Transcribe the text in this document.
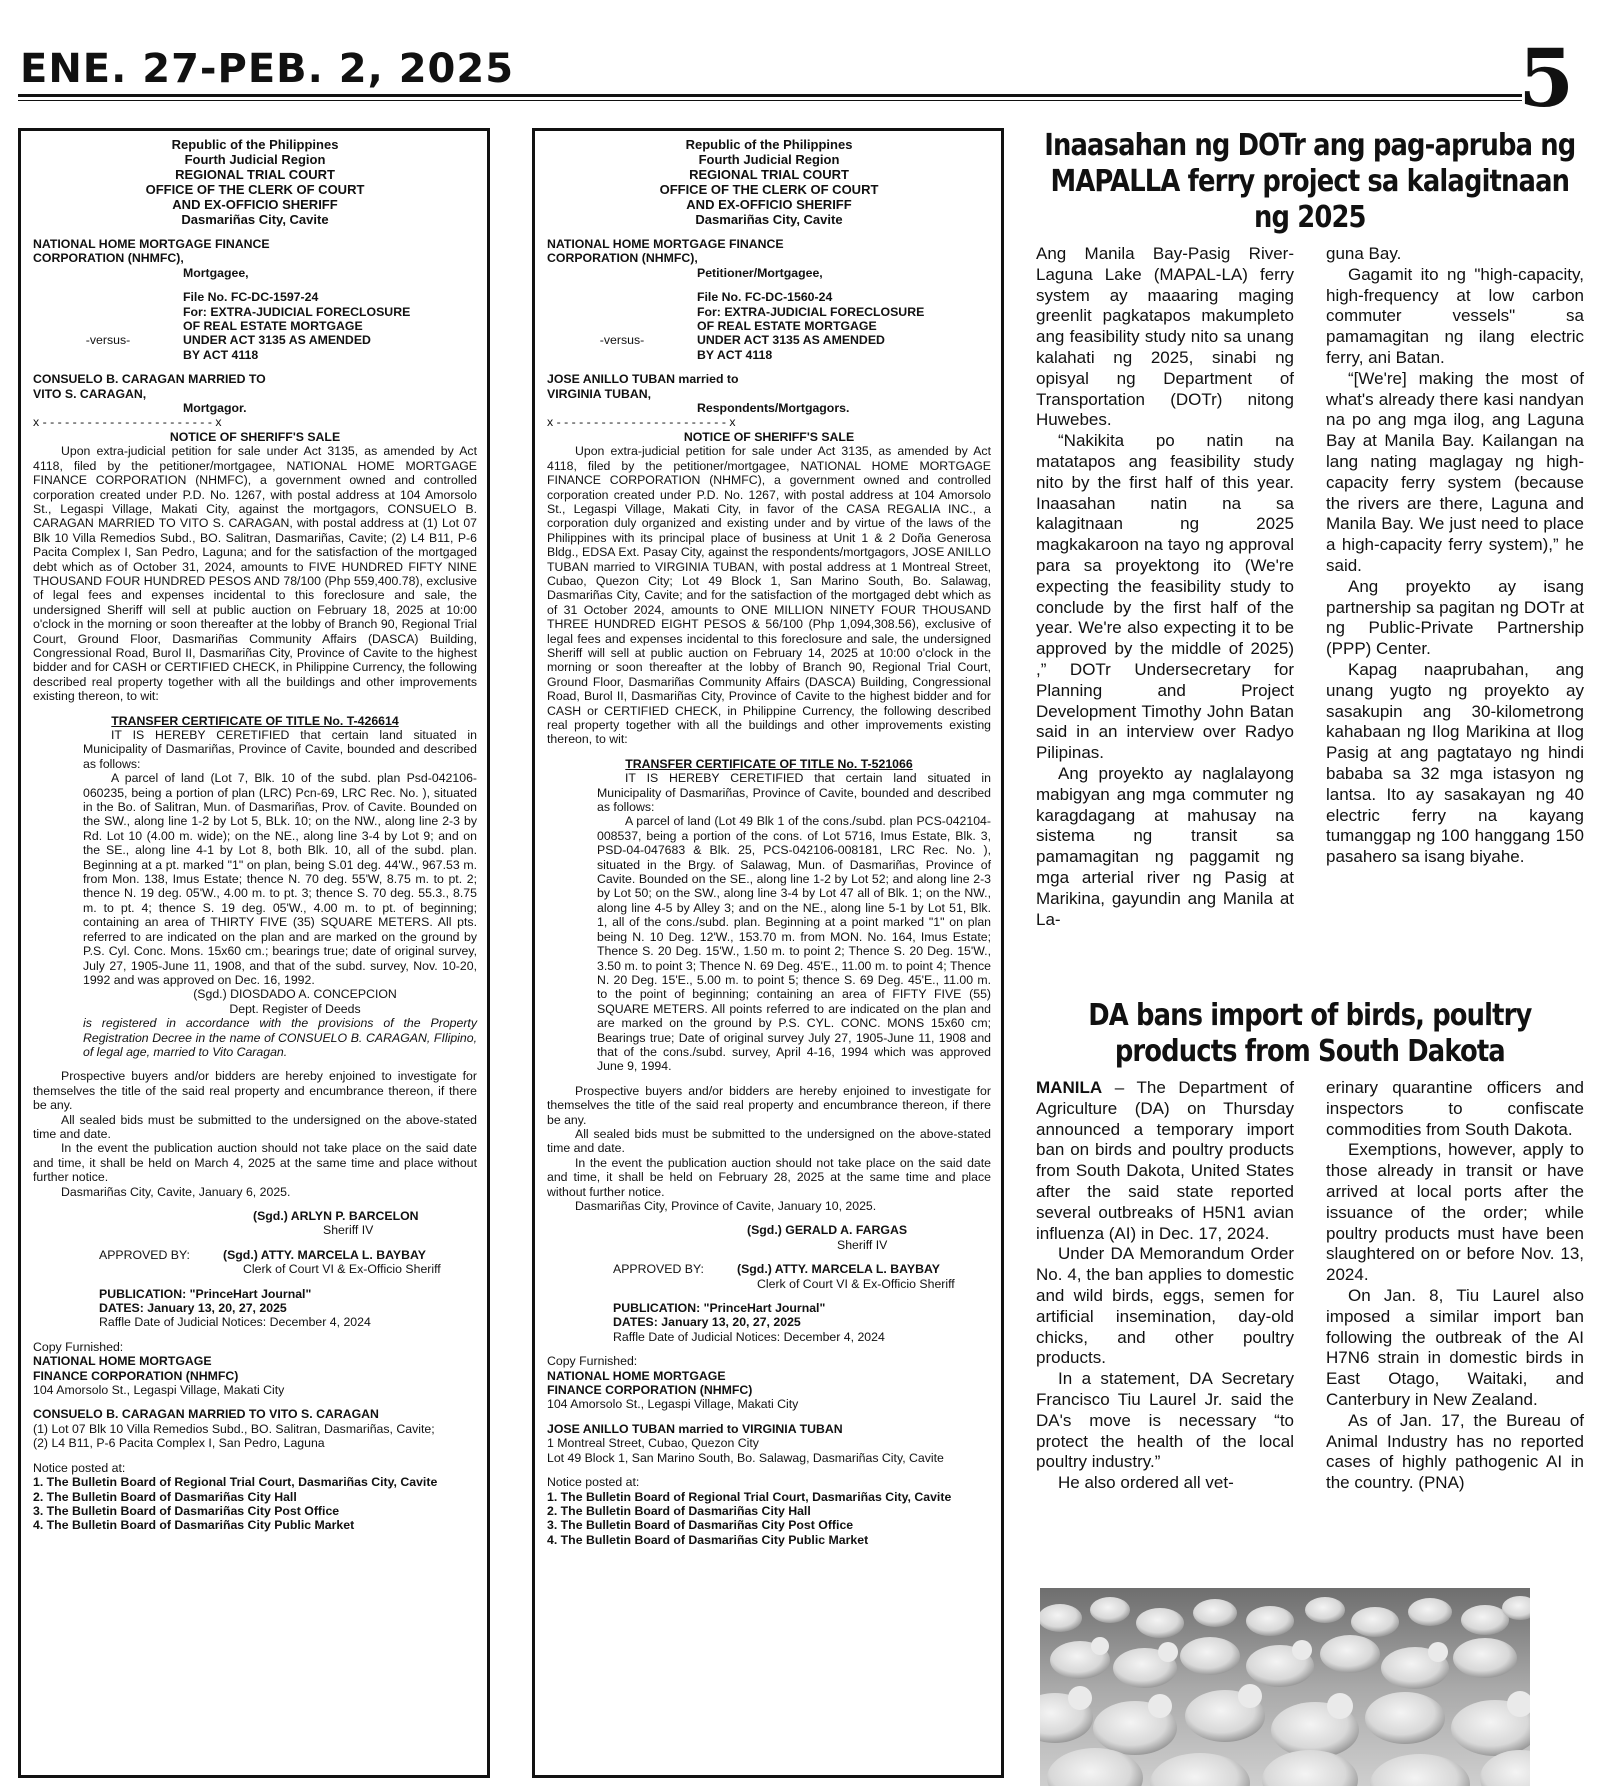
ENE. 27-PEB. 2, 2025	5

Republic of the Philippines

Fourth Judicial Region

REGIONAL TRIAL COURT

OFFICE OF THE CLERK OF COURT

AND EX-OFFICIO SHERIFF

Dasmariñas City, Cavite

NATIONAL HOME MORTGAGE FINANCE

CORPORATION (NHMFC),

Mortgagee,

File No. FC-DC-1597-24

For: EXTRA-JUDICIAL FORECLOSURE

OF REAL ESTATE MORTGAGE

-versus-	UNDER ACT 3135 AS AMENDED

BY ACT 4118

CONSUELO B. CARAGAN MARRIED TO

VITO S. CARAGAN,

Mortgagor.

x - - - - - - - - - - - - - - - - - - - - - - - x

NOTICE OF SHERIFF'S SALE

Upon extra-judicial petition for sale under Act 3135, as amended by Act 4118, filed by the petitioner/mortgagee, NATIONAL HOME MORTGAGE FINANCE CORPORATION (NHMFC), a government owned and controlled corporation created under P.D. No. 1267, with postal address at 104 Amorsolo St., Legaspi Village, Makati City, against the mortgagors, CONSUELO B. CARAGAN MARRIED TO VITO S. CARAGAN, with postal address at (1) Lot 07 Blk 10 Villa Remedios Subd., BO. Salitran, Dasmariñas, Cavite; (2) L4 B11, P-6 Pacita Complex I, San Pedro, Laguna; and for the satisfaction of the mortgaged debt which as of October 31, 2024, amounts to FIVE HUNDRED FIFTY NINE THOUSAND FOUR HUNDRED PESOS AND 78/100 (Php 559,400.78), exclusive of legal fees and expenses incidental to this foreclosure and sale, the undersigned Sheriff will sell at public auction on February 18, 2025 at 10:00 o'clock in the morning or soon thereafter at the lobby of Branch 90, Regional Trial Court, Ground Floor, Dasmariñas Community Affairs (DASCA) Building, Congressional Road, Burol II, Dasmariñas City, Province of Cavite to the highest bidder and for CASH or CERTIFIED CHECK, in Philippine Currency, the following described real property together with all the buildings and other improvements existing thereon, to wit:

TRANSFER CERTIFICATE OF TITLE No. T-426614

IT IS HEREBY CERETIFIED that certain land situated in Municipality of Dasmariñas, Province of Cavite, bounded and described as follows:

A parcel of land (Lot 7, Blk. 10 of the subd. plan Psd-042106-060235, being a portion of plan (LRC) Pcn-69, LRC Rec. No. ), situated in the Bo. of Salitran, Mun. of Dasmariñas, Prov. of Cavite. Bounded on the SW., along line 1-2 by Lot 5, BLk. 10; on the NW., along line 2-3 by Rd. Lot 10 (4.00 m. wide); on the NE., along line 3-4 by Lot 9; and on the SE., along line 4-1 by Lot 8, both Blk. 10, all of the subd. plan. Beginning at a pt. marked "1" on plan, being S.01 deg. 44'W., 967.53 m. from Mon. 138, Imus Estate; thence N. 70 deg. 55'W, 8.75 m. to pt. 2; thence N. 19 deg. 05'W., 4.00 m. to pt. 3; thence S. 70 deg. 55.3., 8.75 m. to pt. 4; thence S. 19 deg. 05'W., 4.00 m. to pt. of beginning; containing an area of THIRTY FIVE (35) SQUARE METERS. All pts. referred to are indicated on the plan and are marked on the ground by P.S. Cyl. Conc. Mons. 15x60 cm.; bearings true; date of original survey, July 27, 1905-June 11, 1908, and that of the subd. survey, Nov. 10-20, 1992 and was approved on Dec. 16, 1992.

(Sgd.) DIOSDADO A. CONCEPCION

Dept. Register of Deeds

is registered in accordance with the provisions of the Property Registration Decree in the name of CONSUELO B. CARAGAN, FIlipino, of legal age, married to Vito Caragan.

Prospective buyers and/or bidders are hereby enjoined to investigate for themselves the title of the said real property and encumbrance thereon, if there be any.

All sealed bids must be submitted to the undersigned on the above-stated time and date.

In the event the publication auction should not take place on the said date and time, it shall be held on March 4, 2025 at the same time and place without further notice.

Dasmariñas City, Cavite, January 6, 2025.

(Sgd.) ARLYN P. BARCELON

Sheriff IV

APPROVED BY:	(Sgd.) ATTY. MARCELA L. BAYBAY

Clerk of Court VI & Ex-Officio Sheriff

PUBLICATION: "PrinceHart Journal"

DATES: January 13, 20, 27, 2025

Raffle Date of Judicial Notices: December 4, 2024

Copy Furnished:

NATIONAL HOME MORTGAGE

FINANCE CORPORATION (NHMFC)

104 Amorsolo St., Legaspi Village, Makati City

CONSUELO B. CARAGAN MARRIED TO VITO S. CARAGAN

(1) Lot 07 Blk 10 Villa Remedios Subd., BO. Salitran, Dasmariñas, Cavite;

(2) L4 B11, P-6 Pacita Complex I, San Pedro, Laguna

Notice posted at:

1. The Bulletin Board of Regional Trial Court, Dasmariñas City, Cavite

2. The Bulletin Board of Dasmariñas City Hall

3. The Bulletin Board of Dasmariñas City Post Office

4. The Bulletin Board of Dasmariñas City Public Market

Republic of the Philippines

Fourth Judicial Region

REGIONAL TRIAL COURT

OFFICE OF THE CLERK OF COURT

AND EX-OFFICIO SHERIFF

Dasmariñas City, Cavite

NATIONAL HOME MORTGAGE FINANCE

CORPORATION (NHMFC),

Petitioner/Mortgagee,

File No. FC-DC-1560-24

For: EXTRA-JUDICIAL FORECLOSURE

OF REAL ESTATE MORTGAGE

-versus-	UNDER ACT 3135 AS AMENDED

BY ACT 4118

JOSE ANILLO TUBAN married to

VIRGINIA TUBAN,

Respondents/Mortgagors.

x - - - - - - - - - - - - - - - - - - - - - - - x

NOTICE OF SHERIFF'S SALE

Upon extra-judicial petition for sale under Act 3135, as amended by Act 4118, filed by the petitioner/mortgagee, NATIONAL HOME MORTGAGE FINANCE CORPORATION (NHMFC), a government owned and controlled corporation created under P.D. No. 1267, with postal address at 104 Amorsolo St., Legaspi Village, Makati City, in favor of the CASA REGALIA INC., a corporation duly organized and existing under and by virtue of the laws of the Philippines with its principal place of business at Unit 1 & 2 Doña Generosa Bldg., EDSA Ext. Pasay City, against the respondents/mortgagors, JOSE ANILLO TUBAN married to VIRGINIA TUBAN, with postal address at 1 Montreal Street, Cubao, Quezon City; Lot 49 Block 1, San Marino South, Bo. Salawag, Dasmariñas City, Cavite; and for the satisfaction of the mortgaged debt which as of 31 October 2024, amounts to ONE MILLION NINETY FOUR THOUSAND THREE HUNDRED EIGHT PESOS & 56/100 (Php 1,094,308.56), exclusive of legal fees and expenses incidental to this foreclosure and sale, the undersigned Sheriff will sell at public auction on February 14, 2025 at 10:00 o'clock in the morning or soon thereafter at the lobby of Branch 90, Regional Trial Court, Ground Floor, Dasmariñas Community Affairs (DASCA) Building, Congressional Road, Burol II, Dasmariñas City, Province of Cavite to the highest bidder and for CASH or CERTIFIED CHECK, in Philippine Currency, the following described real property together with all the buildings and other improvements existing thereon, to wit:

TRANSFER CERTIFICATE OF TITLE No. T-521066

IT IS HEREBY CERETIFIED that certain land situated in Municipality of Dasmariñas, Province of Cavite, bounded and described as follows:

A parcel of land (Lot 49 Blk 1 of the cons./subd. plan PCS-042104-008537, being a portion of the cons. of Lot 5716, Imus Estate, Blk. 3, PSD-04-047683 & Blk. 25, PCS-042106-008181, LRC Rec. No. ), situated in the Brgy. of Salawag, Mun. of Dasmariñas, Province of Cavite. Bounded on the SE., along line 1-2 by Lot 52; and along line 2-3 by Lot 50; on the SW., along line 3-4 by Lot 47 all of Blk. 1; on the NW., along line 4-5 by Alley 3; and on the NE., along line 5-1 by Lot 51, Blk. 1, all of the cons./subd. plan. Beginning at a point marked "1" on plan being N. 10 Deg. 12'W., 153.70 m. from MON. No. 164, Imus Estate; Thence S. 20 Deg. 15'W., 1.50 m. to point 2; Thence S. 20 Deg. 15'W., 3.50 m. to point 3; Thence N. 69 Deg. 45'E., 11.00 m. to point 4; Thence N. 20 Deg. 15'E., 5.00 m. to point 5; thence S. 69 Deg. 45'E., 11.00 m. to the point of beginning; containing an area of FIFTY FIVE (55) SQUARE METERS. All points referred to are indicated on the plan and are marked on the ground by P.S. CYL. CONC. MONS 15x60 cm; Bearings true; Date of original survey July 27, 1905-June 11, 1908 and that of the cons./subd. survey, April 4-16, 1994 which was approved June 9, 1994.

Prospective buyers and/or bidders are hereby enjoined to investigate for themselves the title of the said real property and encumbrance thereon, if there be any.

All sealed bids must be submitted to the undersigned on the above-stated time and date.

In the event the publication auction should not take place on the said date and time, it shall be held on February 28, 2025 at the same time and place without further notice.

Dasmariñas City, Province of Cavite, January 10, 2025.

(Sgd.) GERALD A. FARGAS

Sheriff IV

APPROVED BY:	(Sgd.) ATTY. MARCELA L. BAYBAY

Clerk of Court VI & Ex-Officio Sheriff

PUBLICATION: "PrinceHart Journal"

DATES: January 13, 20, 27, 2025

Raffle Date of Judicial Notices: December 4, 2024

Copy Furnished:

NATIONAL HOME MORTGAGE

FINANCE CORPORATION (NHMFC)

104 Amorsolo St., Legaspi Village, Makati City

JOSE ANILLO TUBAN married to VIRGINIA TUBAN

1 Montreal Street, Cubao, Quezon City

Lot 49 Block 1, San Marino South, Bo. Salawag, Dasmariñas City, Cavite

Notice posted at:

1. The Bulletin Board of Regional Trial Court, Dasmariñas City, Cavite

2. The Bulletin Board of Dasmariñas City Hall

3. The Bulletin Board of Dasmariñas City Post Office

4. The Bulletin Board of Dasmariñas City Public Market

Inaasahan ng DOTr ang pag-apruba ng MAPALLA ferry project sa kalagitnaan ng 2025

Ang Manila Bay-Pasig River-Laguna Lake (MAPAL-LA) ferry system ay maaaring maging greenlit pagkatapos makumpleto ang feasibility study nito sa unang kalahati ng 2025, sinabi ng opisyal ng Department of Transportation (DOTr) nitong Huwebes.

“Nakikita po natin na matatapos ang feasibility study nito by the first half of this year. Inaasahan natin na sa kalagitnaan ng 2025 magkakaroon na tayo ng approval para sa proyektong ito (We're expecting the feasibility study to conclude by the first half of the year. We're also expecting it to be approved by the middle of 2025) ,” DOTr Undersecretary for Planning and Project Development Timothy John Batan said in an interview over Radyo Pilipinas.

Ang proyekto ay naglalayong mabigyan ang mga commuter ng karagdagang at mahusay na sistema ng transit sa pamamagitan ng paggamit ng mga arterial river ng Pasig at Marikina, gayundin ang Manila at La-

guna Bay.

Gagamit ito ng "high-capacity, high-frequency at low carbon commuter vessels" sa pamamagitan ng ilang electric ferry, ani Batan.

“[We're] making the most of what's already there kasi nandyan na po ang mga ilog, ang Laguna Bay at Manila Bay. Kailangan na lang nating maglagay ng high-capacity ferry system (because the rivers are there, Laguna and Manila Bay. We just need to place a high-capacity ferry system),” he said.

Ang proyekto ay isang partnership sa pagitan ng DOTr at ng Public-Private Partnership (PPP) Center.

Kapag naaprubahan, ang unang yugto ng proyekto ay sasakupin ang 30-kilometrong kahabaan ng Ilog Marikina at Ilog Pasig at ang pagtatayo ng hindi bababa sa 32 mga istasyon ng lantsa. Ito ay sasakayan ng 40 electric ferry na kayang tumanggap ng 100 hanggang 150 pasahero sa isang biyahe.

DA bans import of birds, poultry products from South Dakota

MANILA – The Department of Agriculture (DA) on Thursday announced a temporary import ban on birds and poultry products from South Dakota, United States after the said state reported several outbreaks of H5N1 avian influenza (AI) in Dec. 17, 2024.

Under DA Memorandum Order No. 4, the ban applies to domestic and wild birds, eggs, semen for artificial insemination, day-old chicks, and other poultry products.

In a statement, DA Secretary Francisco Tiu Laurel Jr. said the DA's move is necessary “to protect the health of the local poultry industry.”

He also ordered all vet-

erinary quarantine officers and inspectors to confiscate commodities from South Dakota.

Exemptions, however, apply to those already in transit or have arrived at local ports after the issuance of the order; while poultry products must have been slaughtered on or before Nov. 13, 2024.

On Jan. 8, Tiu Laurel also imposed a similar import ban following the outbreak of the AI H7N6 strain in domestic birds in East Otago, Waitaki, and Canterbury in New Zealand.

As of Jan. 17, the Bureau of Animal Industry has no reported cases of highly pathogenic AI in the country. (PNA)
